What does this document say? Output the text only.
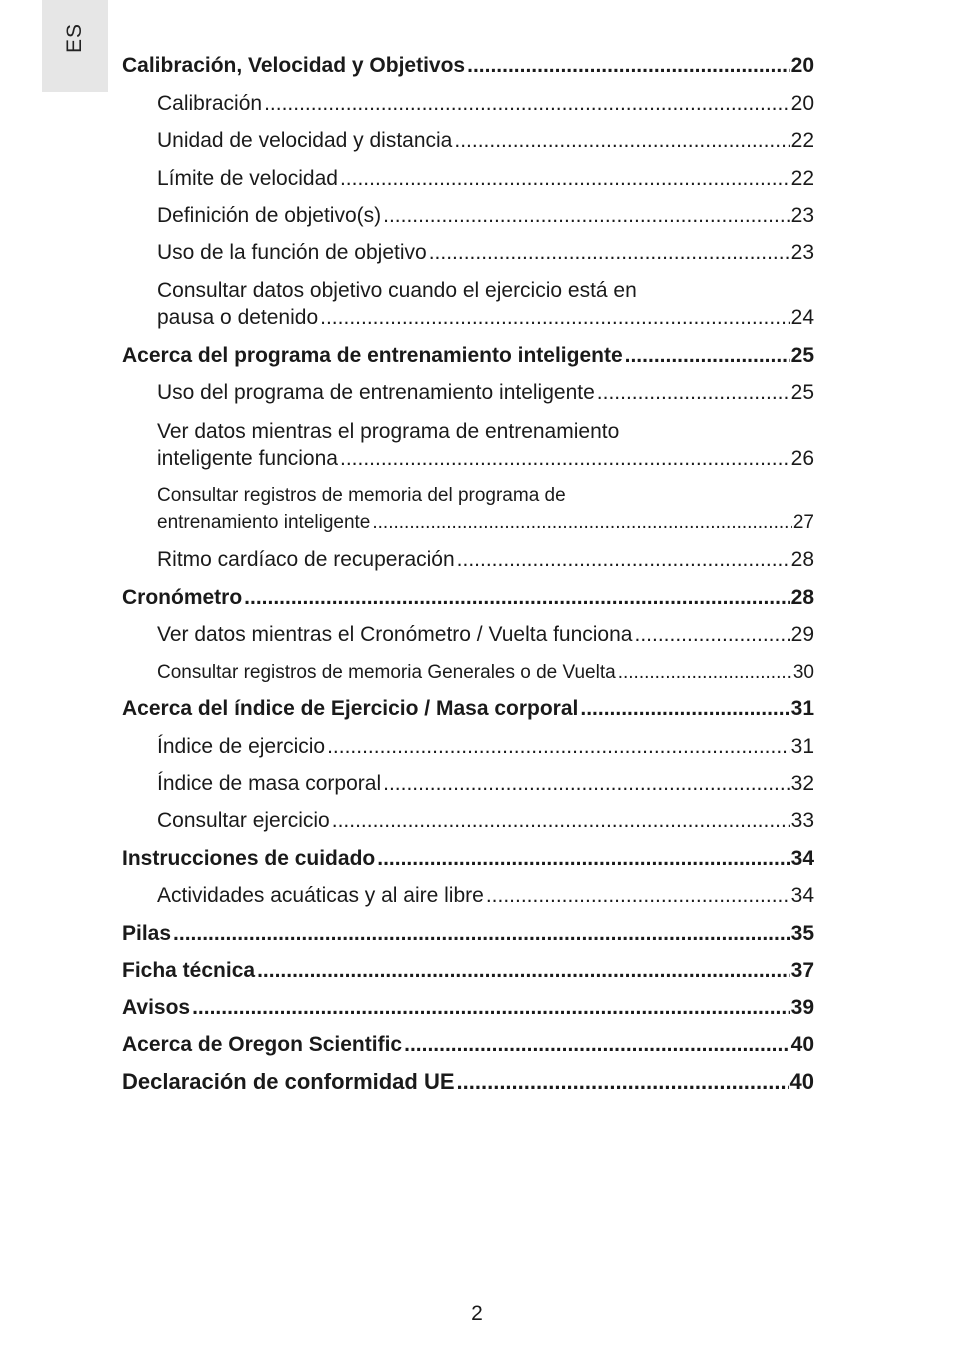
ES
Calibración, Velocidad y Objetivos .....	20
Calibración .....	20
Unidad de velocidad y distancia .....	22
Límite de velocidad .....	22
Definición de objetivo(s) .....	23
Uso de la función de objetivo .....	23
Consultar datos objetivo cuando el ejercicio está en
pausa o detenido .....	24
Acerca del programa de entrenamiento inteligente .....	25
Uso del programa de entrenamiento inteligente .....	25
Ver datos mientras el programa de entrenamiento
inteligente funciona .....	26
Consultar registros de memoria del programa de
entrenamiento inteligente .....	27
Ritmo cardíaco de recuperación .....	28
Cronómetro .....	28
Ver datos mientras el Cronómetro / Vuelta funciona .....	29
Consultar registros de memoria Generales o de Vuelta .....	30
Acerca del índice de Ejercicio / Masa corporal .....	31
Índice de ejercicio .....	31
Índice de masa corporal .....	32
Consultar ejercicio .....	33
Instrucciones de cuidado .....	34
Actividades acuáticas y al aire libre .....	34
Pilas .....	35
Ficha técnica .....	37
Avisos .....	39
Acerca de Oregon Scientific .....	40
Declaración de conformidad UE .....	40
2
